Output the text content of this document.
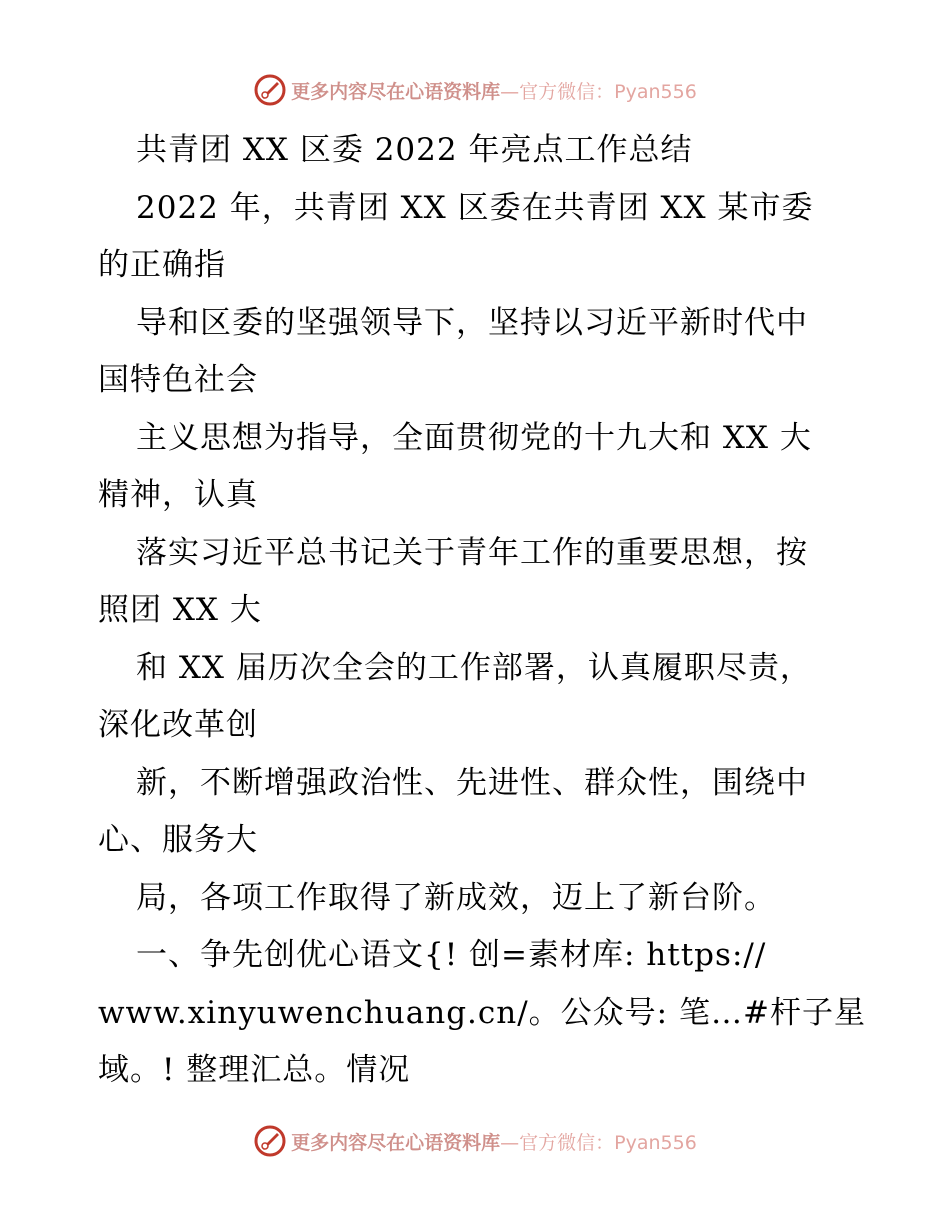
更多内容尽在心语资料库 —官方微信：Pyan556
共青团 XX 区委 2022 年亮点工作总结
2022 年，共青团 XX 区委在共青团 XX 某市委
的正确指
导和区委的坚强领导下，坚持以习近平新时代中
国特色社会
主义思想为指导，全面贯彻党的十九大和 XX 大
精神，认真
落实习近平总书记关于青年工作的重要思想，按
照团 XX 大
和 XX 届历次全会的工作部署，认真履职尽责，
深化改革创
新，不断增强政治性、先进性、群众性，围绕中
心、服务大
局，各项工作取得了新成效，迈上了新台阶。
一、争先创优心语文{! 创=素材库: https://
www.xinyuwenchuang.cn/。公众号: 笔…#杆子星
域。! 整理汇总。情况
更多内容尽在心语资料库 —官方微信：Pyan556
